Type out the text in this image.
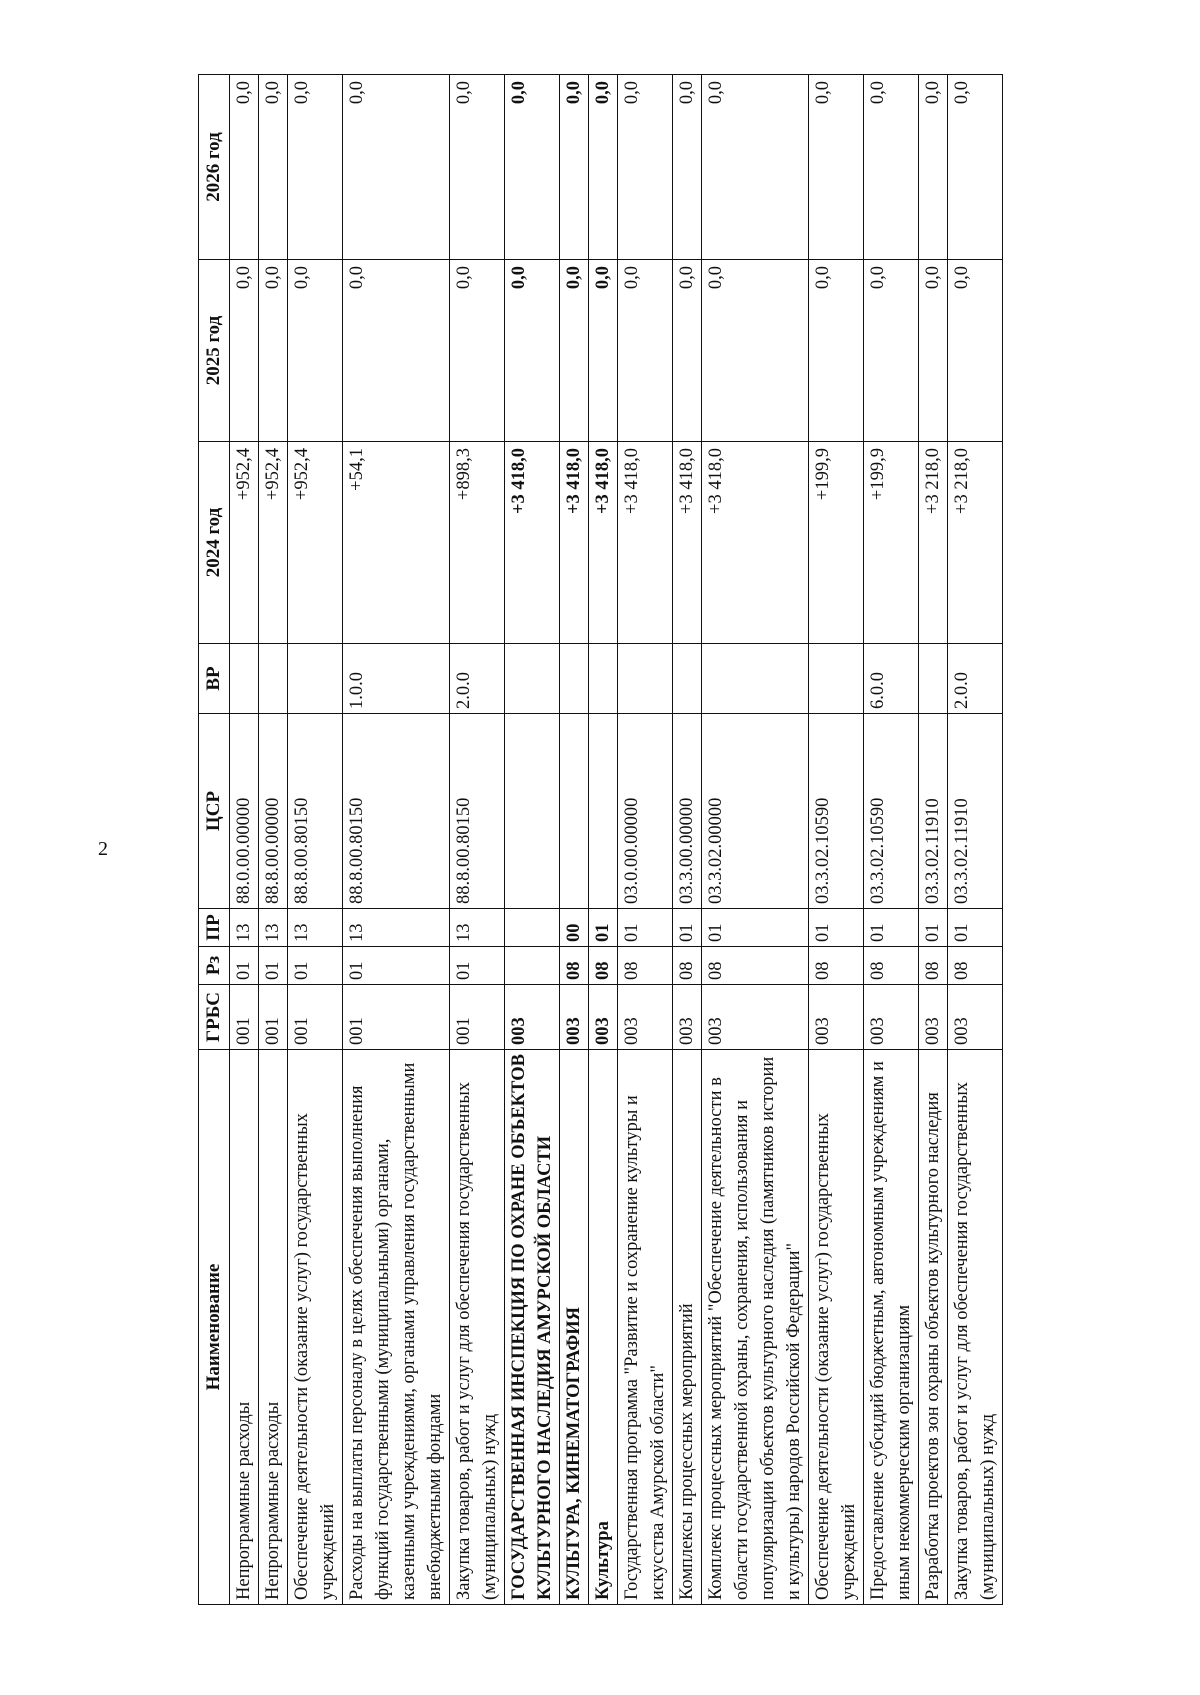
2
Наименование	ГРБС	Рз	ПР	ЦСР	ВР	2024 год	2025 год	2026 год
Непрограммные расходы	001	01	13	88.0.00.00000		+952,4	0,0	0,0
Непрограммные расходы	001	01	13	88.8.00.00000		+952,4	0,0	0,0
Обеспечение деятельности (оказание услуг) государственных учреждений	001	01	13	88.8.00.80150		+952,4	0,0	0,0
Расходы на выплаты персоналу в целях обеспечения выполнения функций государственными (муниципальными) органами, казенными учреждениями, органами управления государственными внебюджетными фондами	001	01	13	88.8.00.80150	1.0.0	+54,1	0,0	0,0
Закупка товаров, работ и услуг для обеспечения государственных (муниципальных) нужд	001	01	13	88.8.00.80150	2.0.0	+898,3	0,0	0,0
ГОСУДАРСТВЕННАЯ ИНСПЕКЦИЯ ПО ОХРАНЕ ОБЪЕКТОВ КУЛЬТУРНОГО НАСЛЕДИЯ АМУРСКОЙ ОБЛАСТИ	003					+3 418,0	0,0	0,0
КУЛЬТУРА, КИНЕМАТОГРАФИЯ	003	08	00			+3 418,0	0,0	0,0
Культура	003	08	01			+3 418,0	0,0	0,0
Государственная программа "Развитие и сохранение культуры и искусства Амурской области"	003	08	01	03.0.00.00000		+3 418,0	0,0	0,0
Комплексы процессных мероприятий	003	08	01	03.3.00.00000		+3 418,0	0,0	0,0
Комплекс процессных мероприятий "Обеспечение деятельности в области государственной охраны, сохранения, использования и популяризации объектов культурного наследия (памятников истории и культуры) народов Российской Федерации"	003	08	01	03.3.02.00000		+3 418,0	0,0	0,0
Обеспечение деятельности (оказание услуг) государственных учреждений	003	08	01	03.3.02.10590		+199,9	0,0	0,0
Предоставление субсидий бюджетным, автономным учреждениям и иным некоммерческим организациям	003	08	01	03.3.02.10590	6.0.0	+199,9	0,0	0,0
Разработка проектов зон охраны объектов культурного наследия	003	08	01	03.3.02.11910		+3 218,0	0,0	0,0
Закупка товаров, работ и услуг для обеспечения государственных (муниципальных) нужд	003	08	01	03.3.02.11910	2.0.0	+3 218,0	0,0	0,0
